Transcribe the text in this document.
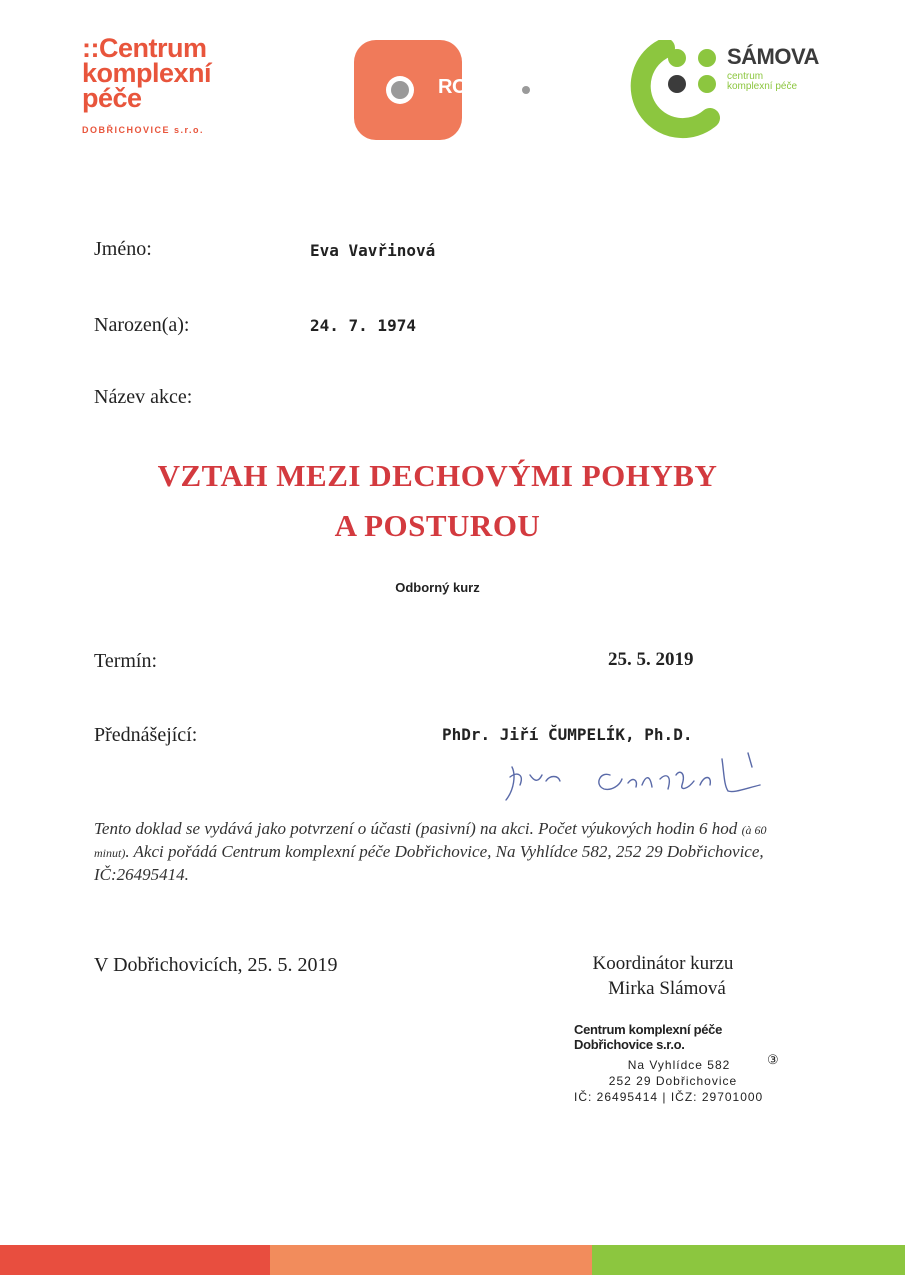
::Centrum
komplexní
péče
DOBŘICHOVICE s.r.o.
ROSETA
SÁMOVA
centrum
komplexní péče
Jméno:	Eva Vavřinová
Narozen(a):	24. 7. 1974
Název akce:
VZTAH MEZI DECHOVÝMI POHYBY
A POSTUROU
Odborný kurz
Termín:	25. 5. 2019
Přednášející:	PhDr. Jiří ČUMPELÍK, Ph.D.
Tento doklad se vydává jako potvrzení o účasti (pasivní) na akci. Počet výukových hodin 6 hod (à 60 minut). Akci pořádá Centrum komplexní péče Dobřichovice, Na Vyhlídce 582, 252 29 Dobřichovice, IČ:26495414.
V Dobřichovicích, 25. 5. 2019	Koordinátor kurzu
Mirka Slámová
Centrum komplexní péče Dobřichovice s.r.o.
Na Vyhlídce 582
252 29 Dobřichovice
IČ: 26495414 | IČZ: 29701000
③
